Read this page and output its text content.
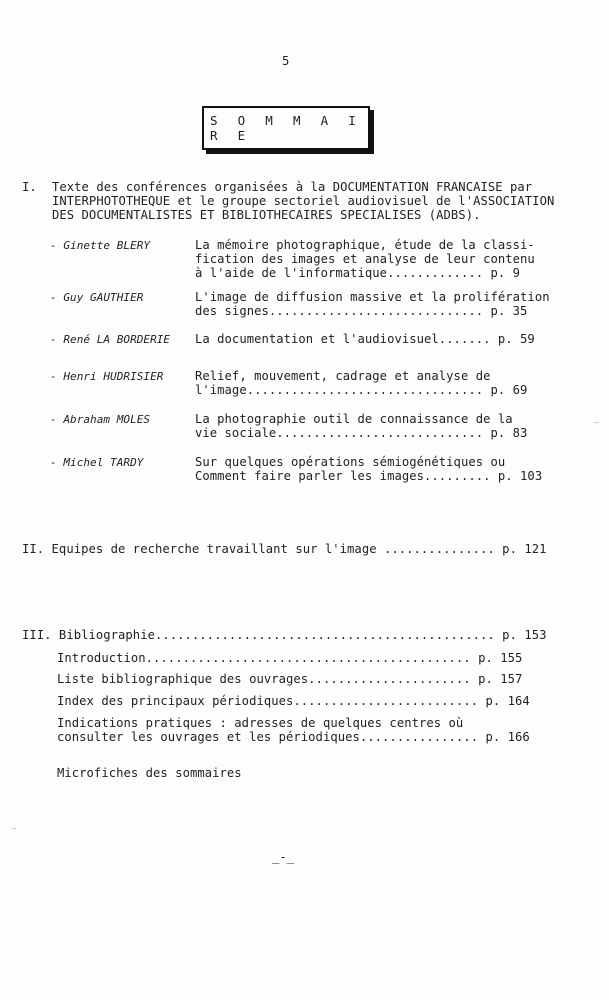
5
S O M M A I R E
I. Texte des conférences organisées à la DOCUMENTATION FRANCAISE par
INTERPHOTOTHEQUE et le groupe sectoriel audiovisuel de l'ASSOCIATION
DES DOCUMENTALISTES ET BIBLIOTHECAIRES SPECIALISES (ADBS).
- Ginette BLERY	La mémoire photographique, étude de la classi-
fication des images et analyse de leur contenu
à l'aide de l'informatique............. p. 9
- Guy GAUTHIER	L'image de diffusion massive et la prolifération
des signes............................. p. 35
- René LA BORDERIE La documentation et l'audiovisuel....... p. 59
- Henri HUDRISIER	Relief, mouvement, cadrage et analyse de
l'image................................ p. 69
- Abraham MOLES	La photographie outil de connaissance de la
vie sociale............................ p. 83
- Michel TARDY	Sur quelques opérations sémiogénétiques ou
Comment faire parler les images......... p. 103
II. Equipes de recherche travaillant sur l'image ............... p. 121
III. Bibliographie.............................................. p. 153
Introduction............................................ p. 155
Liste bibliographique des ouvrages...................... p. 157
Index des principaux périodiques......................... p. 164
Indications pratiques : adresses de quelques centres où
consulter les ouvrages et les périodiques................ p. 166
Microfiches des sommaires
_-_
